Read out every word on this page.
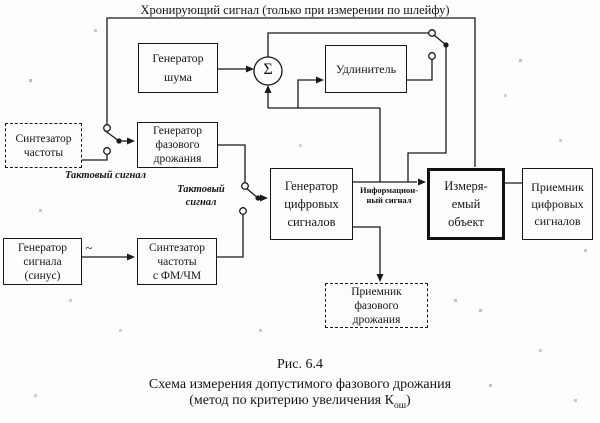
Σ
Хронирующий сигнал (только при измерении по шлейфу)
Генератор
шума
Удлинитель
Синтезатор
частоты
Генератор
фазового
дрожания
Генератор
цифровых
сигналов
Измеря-
емый
объект
Приемник
цифровых
сигналов
Генератор
сигнала
(синус)
Синтезатор
частоты
с ФМ/ЧМ
Приемник
фазового
дрожания
Тактовый сигнал
Тактовый
сигнал
Информацион-
ный сигнал
~
Рис. 6.4
Схема измерения допустимого фазового дрожания
(метод по критерию увеличения $К_{ош}$)
